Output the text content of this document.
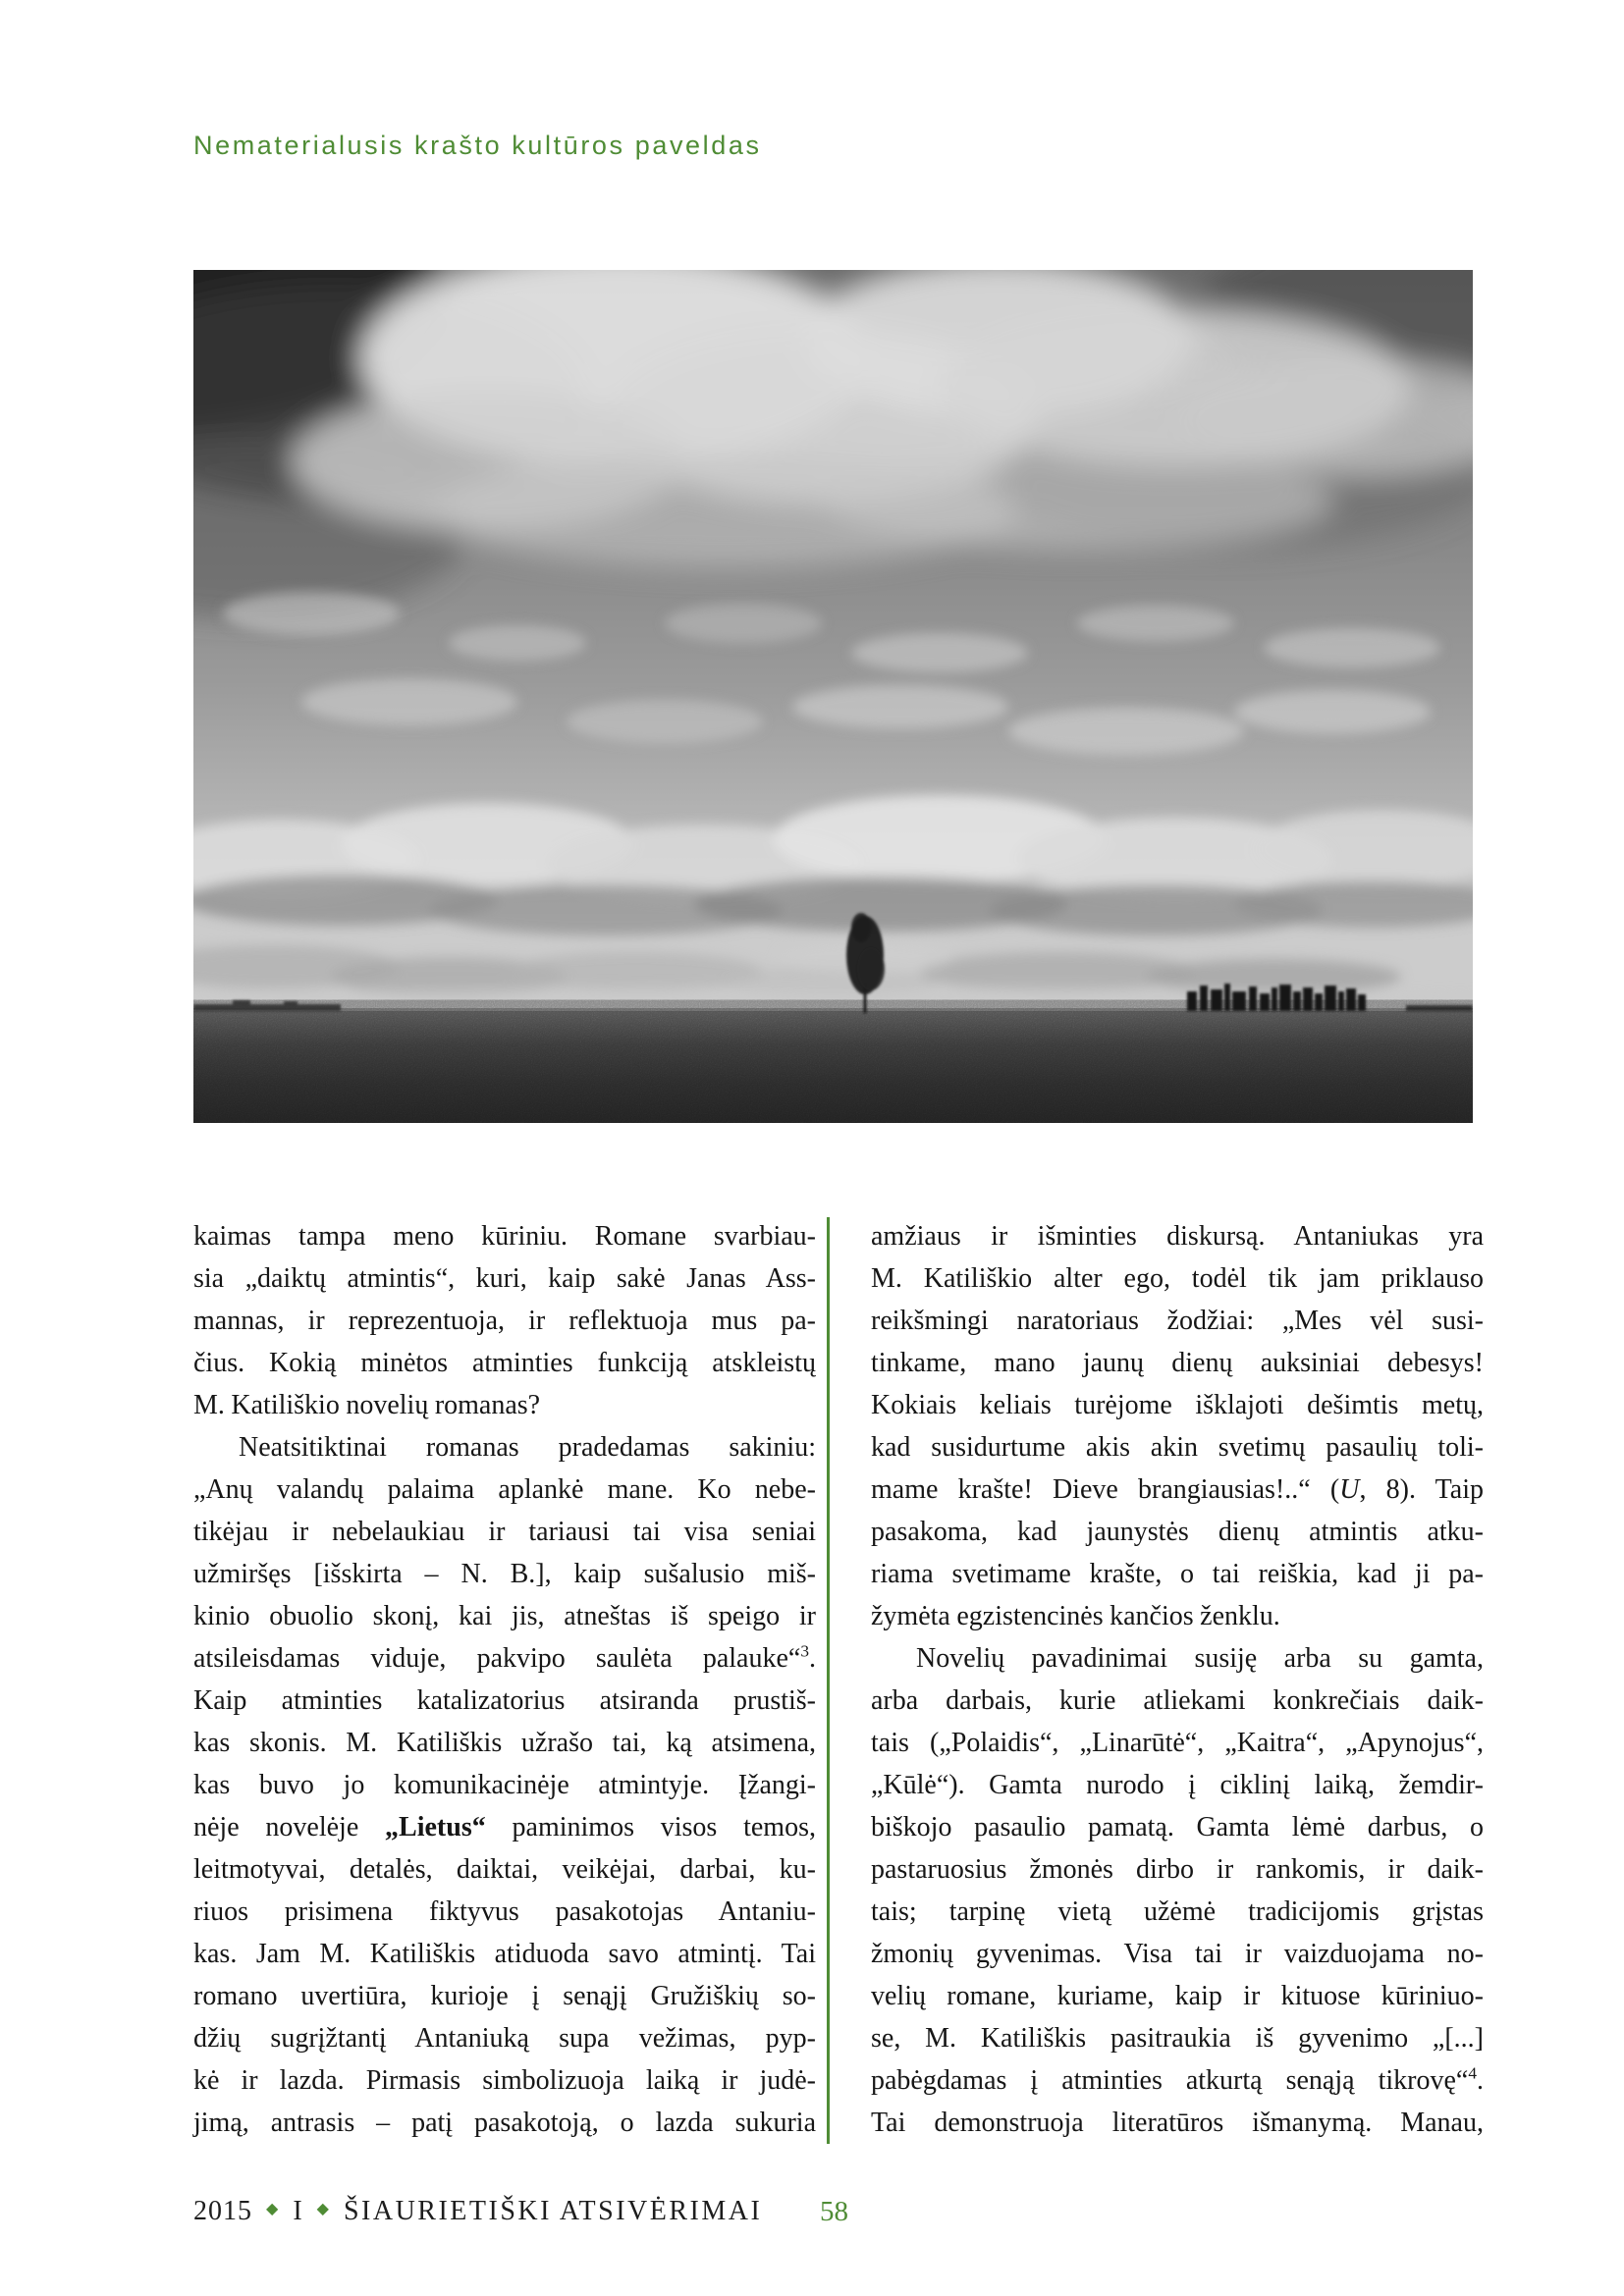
Nematerialusis krašto kultūros paveldas
kaimas tampa meno kūriniu. Romane svarbiau-
sia „daiktų atmintis“, kuri, kaip sakė Janas Ass-
mannas, ir reprezentuoja, ir reflektuoja mus pa-
čius. Kokią minėtos atminties funkciją atskleistų
M. Katiliškio novelių romanas?
Neatsitiktinai romanas pradedamas sakiniu:
„Anų valandų palaima aplankė mane. Ko nebe-
tikėjau ir nebelaukiau ir tariausi tai visa seniai
užmiršęs [išskirta – N. B.], kaip sušalusio miš-
kinio obuolio skonį, kai jis, atneštas iš speigo ir
atsileisdamas viduje, pakvipo saulėta palauke“$^3$.
Kaip atminties katalizatorius atsiranda prustiš-
kas skonis. M. Katiliškis užrašo tai, ką atsimena,
kas buvo jo komunikacinėje atmintyje. Įžangi-
nėje novelėje „Lietus“ paminimos visos temos,
leitmotyvai, detalės, daiktai, veikėjai, darbai, ku-
riuos prisimena fiktyvus pasakotojas Antaniu-
kas. Jam M. Katiliškis atiduoda savo atmintį. Tai
romano uvertiūra, kurioje į senąjį Gružiškių so-
džių sugrįžtantį Antaniuką supa vežimas, pyp-
kė ir lazda. Pirmasis simbolizuoja laiką ir judė-
jimą, antrasis – patį pasakotoją, o lazda sukuria
amžiaus ir išminties diskursą. Antaniukas yra
M. Katiliškio alter ego, todėl tik jam priklauso
reikšmingi naratoriaus žodžiai: „Mes vėl susi-
tinkame, mano jaunų dienų auksiniai debesys!
Kokiais keliais turėjome išklajoti dešimtis metų,
kad susidurtume akis akin svetimų pasaulių toli-
mame krašte! Dieve brangiausias!..“ (U, 8). Taip
pasakoma, kad jaunystės dienų atmintis atku-
riama svetimame krašte, o tai reiškia, kad ji pa-
žymėta egzistencinės kančios ženklu.
Novelių pavadinimai susiję arba su gamta,
arba darbais, kurie atliekami konkrečiais daik-
tais („Polaidis“, „Linarūtė“, „Kaitra“, „Apynojus“,
„Kūlė“). Gamta nurodo į ciklinį laiką, žemdir-
biškojo pasaulio pamatą. Gamta lėmė darbus, o
pastaruosius žmonės dirbo ir rankomis, ir daik-
tais; tarpinę vietą užėmė tradicijomis grįstas
žmonių gyvenimas. Visa tai ir vaizduojama no-
velių romane, kuriame, kaip ir kituose kūriniuo-
se, M. Katiliškis pasitraukia iš gyvenimo „[...]
pabėgdamas į atminties atkurtą senąją tikrovę“$^4$.
Tai demonstruoja literatūros išmanymą. Manau,
2015 ◆ I ◆ ŠIAURIETIŠKI ATSIVĖRIMAI 58
